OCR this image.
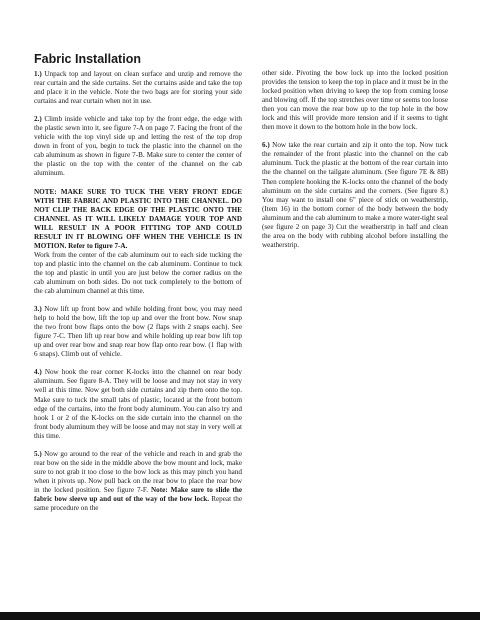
Fabric Installation

1.) Unpack top and layout on clean surface and unzip and remove the rear curtain and the side curtains. Set the curtains aside and take the top and place it in the vehicle. Note the two bags are for storing your side curtains and rear curtain when not in use.

2.) Climb inside vehicle and take top by the front edge, the edge with the plastic sewn into it, see figure 7-A on page 7. Facing the front of the vehicle with the top vinyl side up and letting the rest of the top drop down in front of you, begin to tuck the plastic into the channel on the cab aluminum as shown in figure 7-B. Make sure to center the center of the plastic on the top with the center of the channel on the cab aluminum.

NOTE: MAKE SURE TO TUCK THE VERY FRONT EDGE WITH THE FABRIC AND PLASTIC INTO THE CHANNEL. DO NOT CLIP THE BACK EDGE OF THE PLASTIC ONTO THE CHANNEL AS IT WILL LIKELY DAMAGE YOUR TOP AND WILL RESULT IN A POOR FITTING TOP AND COULD RESULT IN IT BLOWING OFF WHEN THE VEHICLE IS IN MOTION. Refer to figure 7-A.
Work from the center of the cab aluminum out to each side tucking the top and plastic into the channel on the cab aluminum. Continue to tuck the top and plastic in until you are just below the corner radius on the cab aluminum on both sides. Do not tuck completely to the bottom of the cab aluminum channel at this time.

3.) Now lift up front bow and while holding front bow, you may need help to hold the bow, lift the top up and over the front bow. Now snap the two front bow flaps onto the bow (2 flaps with 2 snaps each). See figure 7-C. Then lift up rear bow and while holding up rear bow lift top up and over rear bow and snap rear bow flap onto rear bow. (1 flap with 6 snaps). Climb out of vehicle.

4.) Now hook the rear corner K-locks into the channel on rear body aluminum. See figure 8-A. They will be loose and may not stay in very well at this time. Now get both side curtains and zip them onto the top. Make sure to tuck the small tabs of plastic, located at the front bottom edge of the curtains, into the front body aluminum. You can also try and hook 1 or 2 of the K-locks on the side curtain into the channel on the front body aluminum they will be loose and may not stay in very well at this time.

5.) Now go around to the rear of the vehicle and reach in and grab the rear bow on the side in the middle above the bow mount and lock, make sure to not grab it too close to the bow lock as this may pinch you hand when it pivots up. Now pull back on the rear bow to place the rear bow in the locked position. See figure 7-F. Note: Make sure to slide the fabric bow sleeve up and out of the way of the bow lock. Repeat the same procedure on the

other side. Pivoting the bow lock up into the locked position provides the tension to keep the top in place and it must be in the locked position when driving to keep the top from coming loose and blowing off. If the top stretches over time or seems too loose then you can move the rear bow up to the top hole in the bow lock and this will provide more tension and if it seems to tight then move it down to the bottom hole in the bow lock.

6.) Now take the rear curtain and zip it onto the top. Now tuck the remainder of the front plastic into the channel on the cab aluminum. Tuck the plastic at the bottom of the rear curtain into the the channel on the tailgate aluminum. (See figure 7E & 8B) Then complete hooking the K-locks onto the channel of the body aluminum on the side curtains and the corners. (See figure 8.) You may want to install one 6" piece of stick on weatherstrip, (Item 16) in the bottom corner of the body between the body aluminum and the cab aluminum to make a more water-tight seal (see figure 2 on page 3) Cut the weatherstrip in half and clean the area on the body with rubbing alcohol before installing the weatherstrip.
